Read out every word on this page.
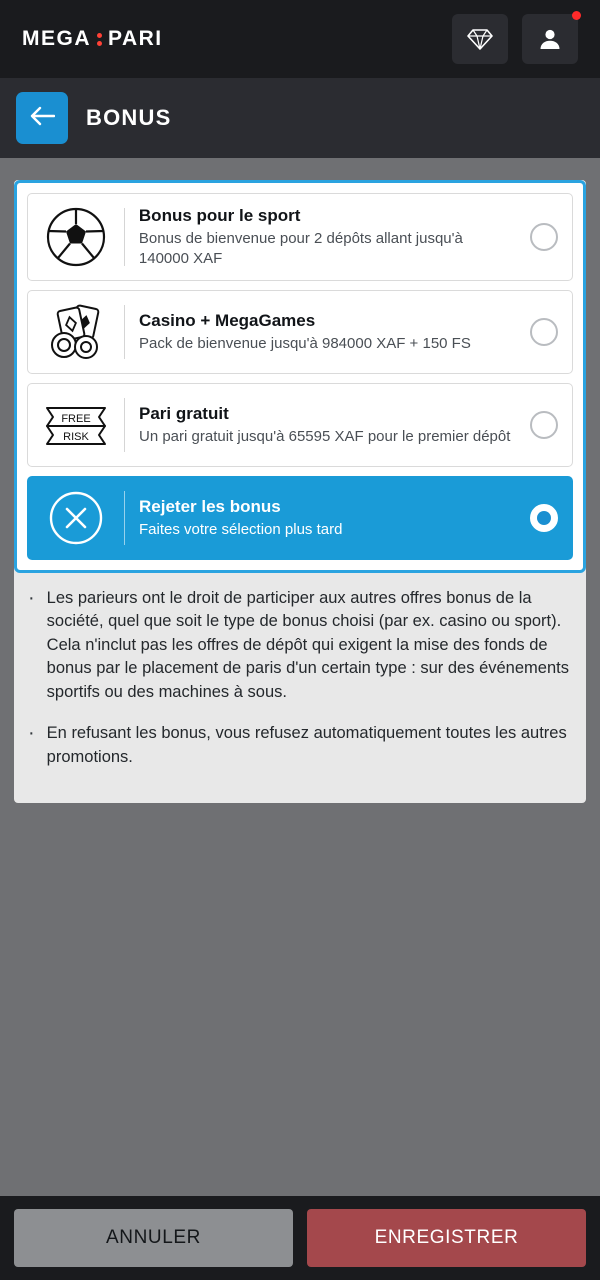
MEGA PARI
BONUS
Bonus pour le sport
Bonus de bienvenue pour 2 dépôts allant jusqu'à 140000 XAF
Casino + MegaGames
Pack de bienvenue jusqu'à 984000 XAF + 150 FS
FREE
RISK
Pari gratuit
Un pari gratuit jusqu'à 65595 XAF pour le premier dépôt
Rejeter les bonus
Faites votre sélection plus tard
· Les parieurs ont le droit de participer aux autres offres bonus de la société, quel que soit le type de bonus choisi (par ex. casino ou sport). Cela n'inclut pas les offres de dépôt qui exigent la mise des fonds de bonus par le placement de paris d'un certain type : sur des événements sportifs ou des machines à sous.

· En refusant les bonus, vous refusez automatiquement toutes les autres promotions.

ANNULER	ENREGISTRER
